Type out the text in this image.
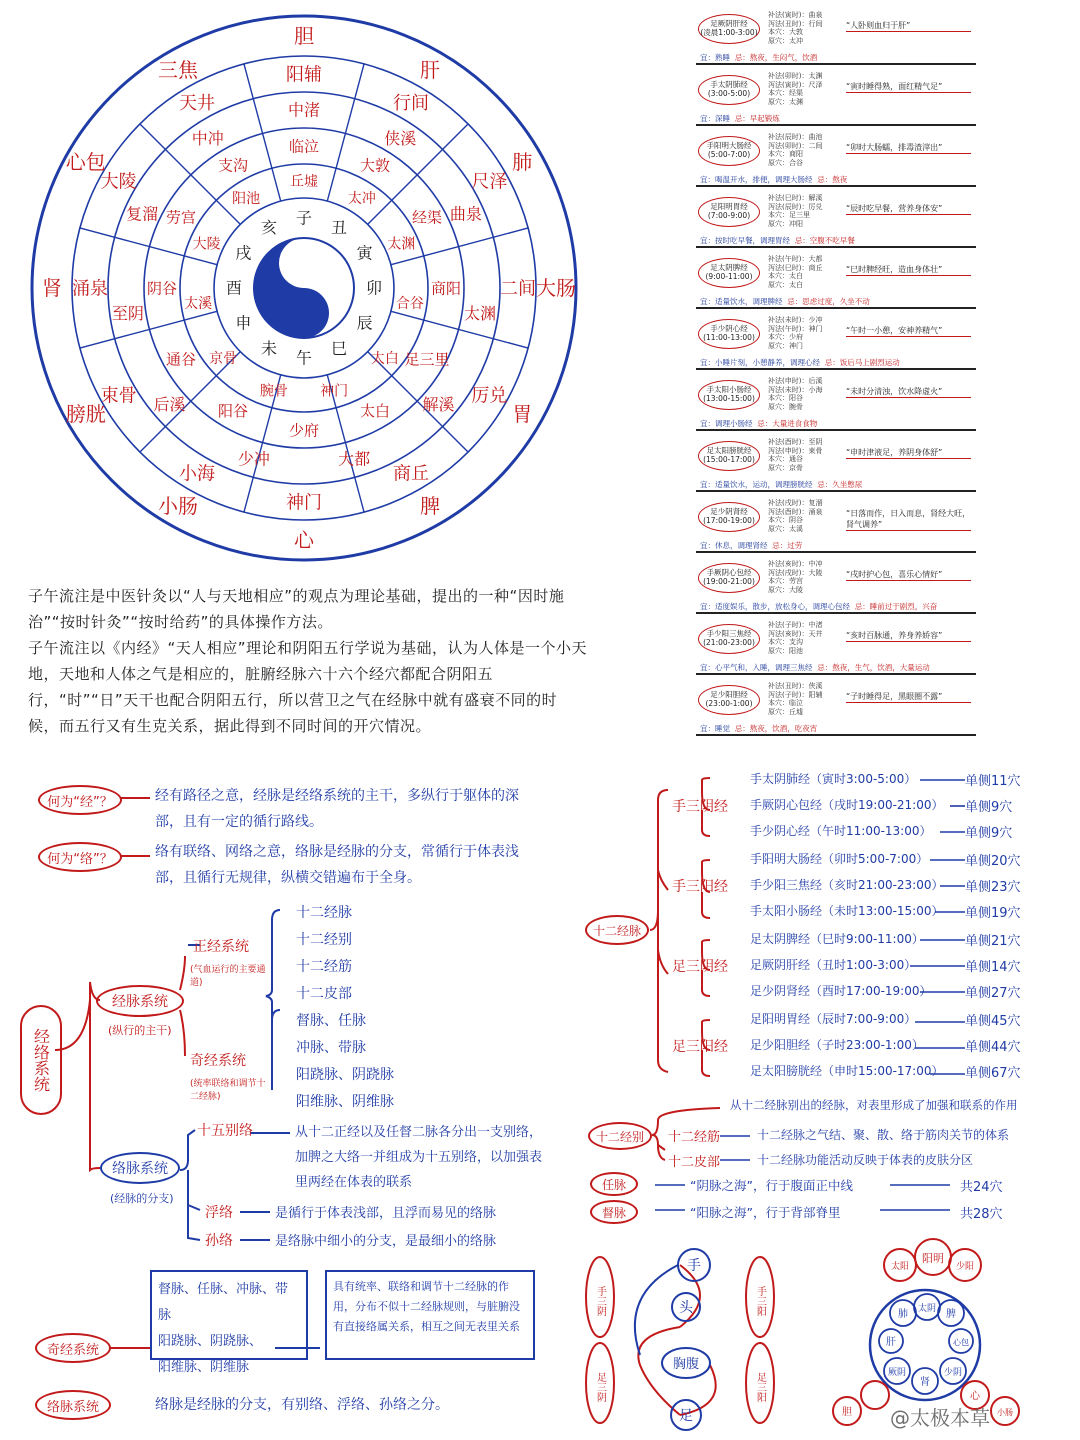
胆
肝
肺
大肠
胃
脾
心
小肠
膀胱
肾
心包
三焦	阳辅
行间
尺泽
二间
厉兑
商丘
神门
小海
束骨
涌泉
大陵
天井	中渚
侠溪
曲泉
太渊
解溪
大都
少冲
后溪
至阴
复溜
中冲	临泣
大敦
经渠
商阳
足三里
太白
少府
阳谷
通谷
阴谷
劳宫
支沟
丘墟
太冲
太渊
合谷
太白
神门
腕骨
京骨
太溪
大陵
阳池
子 丑
寅
卯
辰
巳
午
未
申
酉
戌
亥

子午流注是中医针灸以“人与天地相应”的观点为理论基础，提出的一种“因时施治”“按时针灸”“按时给药”的具体操作方法。

子午流注以《内经》“天人相应”理论和阴阳五行学说为基础，认为人体是一个小天地，天地和人体之气是相应的，脏腑经脉六十六个经穴都配合阴阳五行，“时”“日”天干也配合阴阳五行，所以营卫之气在经脉中就有盛衰不同的时候，而五行又有生克关系，据此得到不同时间的开穴情况。

足厥阴肝经
(凌晨1:00-3:00)
补法(寅时)：曲泉
泻法(丑时)：行间
本穴：大敦
原穴：太冲
“人卧则血归于肝”
宜：熟睡 忌：熬夜，生闷气，饮酒
手太阴肺经
(3:00-5:00)
补法(卯时)：太渊
泻法(寅时)：尺泽
本穴：经渠
原穴：太渊
“寅时睡得熟，面红精气足”
宜：深睡 忌：早起锻炼
手阳明大肠经
(5:00-7:00)
补法(辰时)：曲池
泻法(卯时)：二间
本穴：商阳
原穴：合谷
“卯时大肠蠕，排毒渣滓出”
宜：喝温开水，排便，调理大肠经 忌：熬夜
足阳明胃经
(7:00-9:00)
补法(巳时)：解溪
泻法(辰时)：厉兑
本穴：足三里
原穴：冲阳
“辰时吃早餐，营养身体安”
宜：按时吃早餐，调理胃经 忌：空腹不吃早餐
足太阴脾经
(9:00-11:00)
补法(午时)：大都
泻法(巳时)：商丘
本穴：太白
原穴：太白
“巳时脾经旺，造血身体壮”
宜：适量饮水，调理脾经 忌：思虑过度，久坐不动
手少阴心经
(11:00-13:00)
补法(未时)：少冲
泻法(午时)：神门
本穴：少府
原穴：神门
“午时一小憩，安神养精气”
宜：小睡片刻，小憩静养，调理心经 忌：饭后马上剧烈运动
手太阳小肠经
(13:00-15:00)
补法(申时)：后溪
泻法(未时)：小海
本穴：阳谷
原穴：腕骨
“未时分清浊，饮水降虚火”
宜：调理小肠经 忌：大量进食食物
足太阳膀胱经
(15:00-17:00)
补法(酉时)：至阴
泻法(申时)：束骨
本穴：通谷
原穴：京骨
“申时津液足，养阴身体舒”
宜：适量饮水，运动，调理膀胱经 忌：久坐憋尿
足少阴肾经
(17:00-19:00)
补法(戌时)：复溜
泻法(酉时)：涌泉
本穴：阴谷
原穴：太溪
“日落而作，日入而息，肾经大旺，肾气调养”
宜：休息，调理肾经 忌：过劳
手厥阴心包经
(19:00-21:00)
补法(亥时)：中冲
泻法(戌时)：大陵
本穴：劳宫
原穴：大陵
“戌时护心包，喜乐心情好”
宜：适度娱乐，散步，放松身心，调理心包经 忌：睡前过于剧烈，兴奋
手少阳三焦经
(21:00-23:00)
补法(子时)：中渚
泻法(亥时)：天井
本穴：支沟
原穴：阳池
“亥时百脉通，养身养娇容”
宜：心平气和，入睡，调理三焦经 忌：熬夜，生气，饮酒，大量运动
足少阳胆经
(23:00-1:00)
补法(丑时)：侠溪
泻法(子时)：阳辅
本穴：临泣
原穴：丘墟
“子时睡得足，黑眼圈不露”
宜：睡觉 忌：熬夜，饮酒，吃夜宵
何为“经”？	经有路径之意，经脉是经络系统的主干，多纵行于躯体的深部，且有一定的循行路线。
何为“络”？	络有联络、网络之意，络脉是经脉的分支，常循行于体表浅部，且循行无规律，纵横交错遍布于全身。
经络系统
经脉系统
(纵行的主干)
正经系统
(气血运行的主要通道)
十二经脉
十二经别
十二经筋
十二皮部
奇经系统
(统率联络和调节十二经脉)
督脉、任脉
冲脉、带脉
阳跷脉、阴跷脉
阳维脉、阴维脉
络脉系统
(经脉的分支)
十五别络	从十二正经以及任督二脉各分出一支别络，加脾之大络一并组成为十五别络，以加强表里两经在体表的联系
浮络	是循行于体表浅部，且浮而易见的络脉
孙络	是络脉中细小的分支，是最细小的络脉
奇经系统
督脉、任脉、冲脉、带脉
阳跷脉、阴跷脉、
阳维脉、阴维脉
具有统率、联络和调节十二经脉的作用，分布不似十二经脉规则，与脏腑没有直接络属关系，相互之间无表里关系
络脉系统	络脉是经脉的分支，有别络、浮络、孙络之分。
十二经脉
手三阴经
手太阴肺经（寅时3:00-5:00）	单侧11穴
手厥阴心包经（戌时19:00-21:00） 单侧9穴
手少阴心经（午时11:00-13:00）	单侧9穴
手三阳经
手阳明大肠经（卯时5:00-7:00）	单侧20穴
手少阳三焦经（亥时21:00-23:00） 单侧23穴
手太阳小肠经（未时13:00-15:00） 单侧19穴
足三阴经
足太阴脾经（巳时9:00-11:00）	单侧21穴
足厥阴肝经（丑时1:00-3:00）	单侧14穴
足少阴肾经（酉时17:00-19:00）	单侧27穴
足三阳经
足阳明胃经（辰时7:00-9:00）	单侧45穴
足少阳胆经（子时23:00-1:00）	单侧44穴
足太阳膀胱经（申时15:00-17:00） 单侧67穴
从十二经脉别出的经脉，对表里形成了加强和联系的作用
十二经别	十二经筋	十二经脉之气结、聚、散、络于筋肉关节的体系
十二皮部	十二经脉功能活动反映于体表的皮肤分区
任脉	“阴脉之海”，行于腹面正中线	共24穴
督脉	“阳脉之海”，行于背部脊里	共28穴
手三阴
足三阴
手三阳
足三阳
手
头
胸腹
足
阳明
太阳	少阳
肺 太阴 脾
肝
厥阴
心包
肾
少阴
心
胆	小肠
@太极本草
